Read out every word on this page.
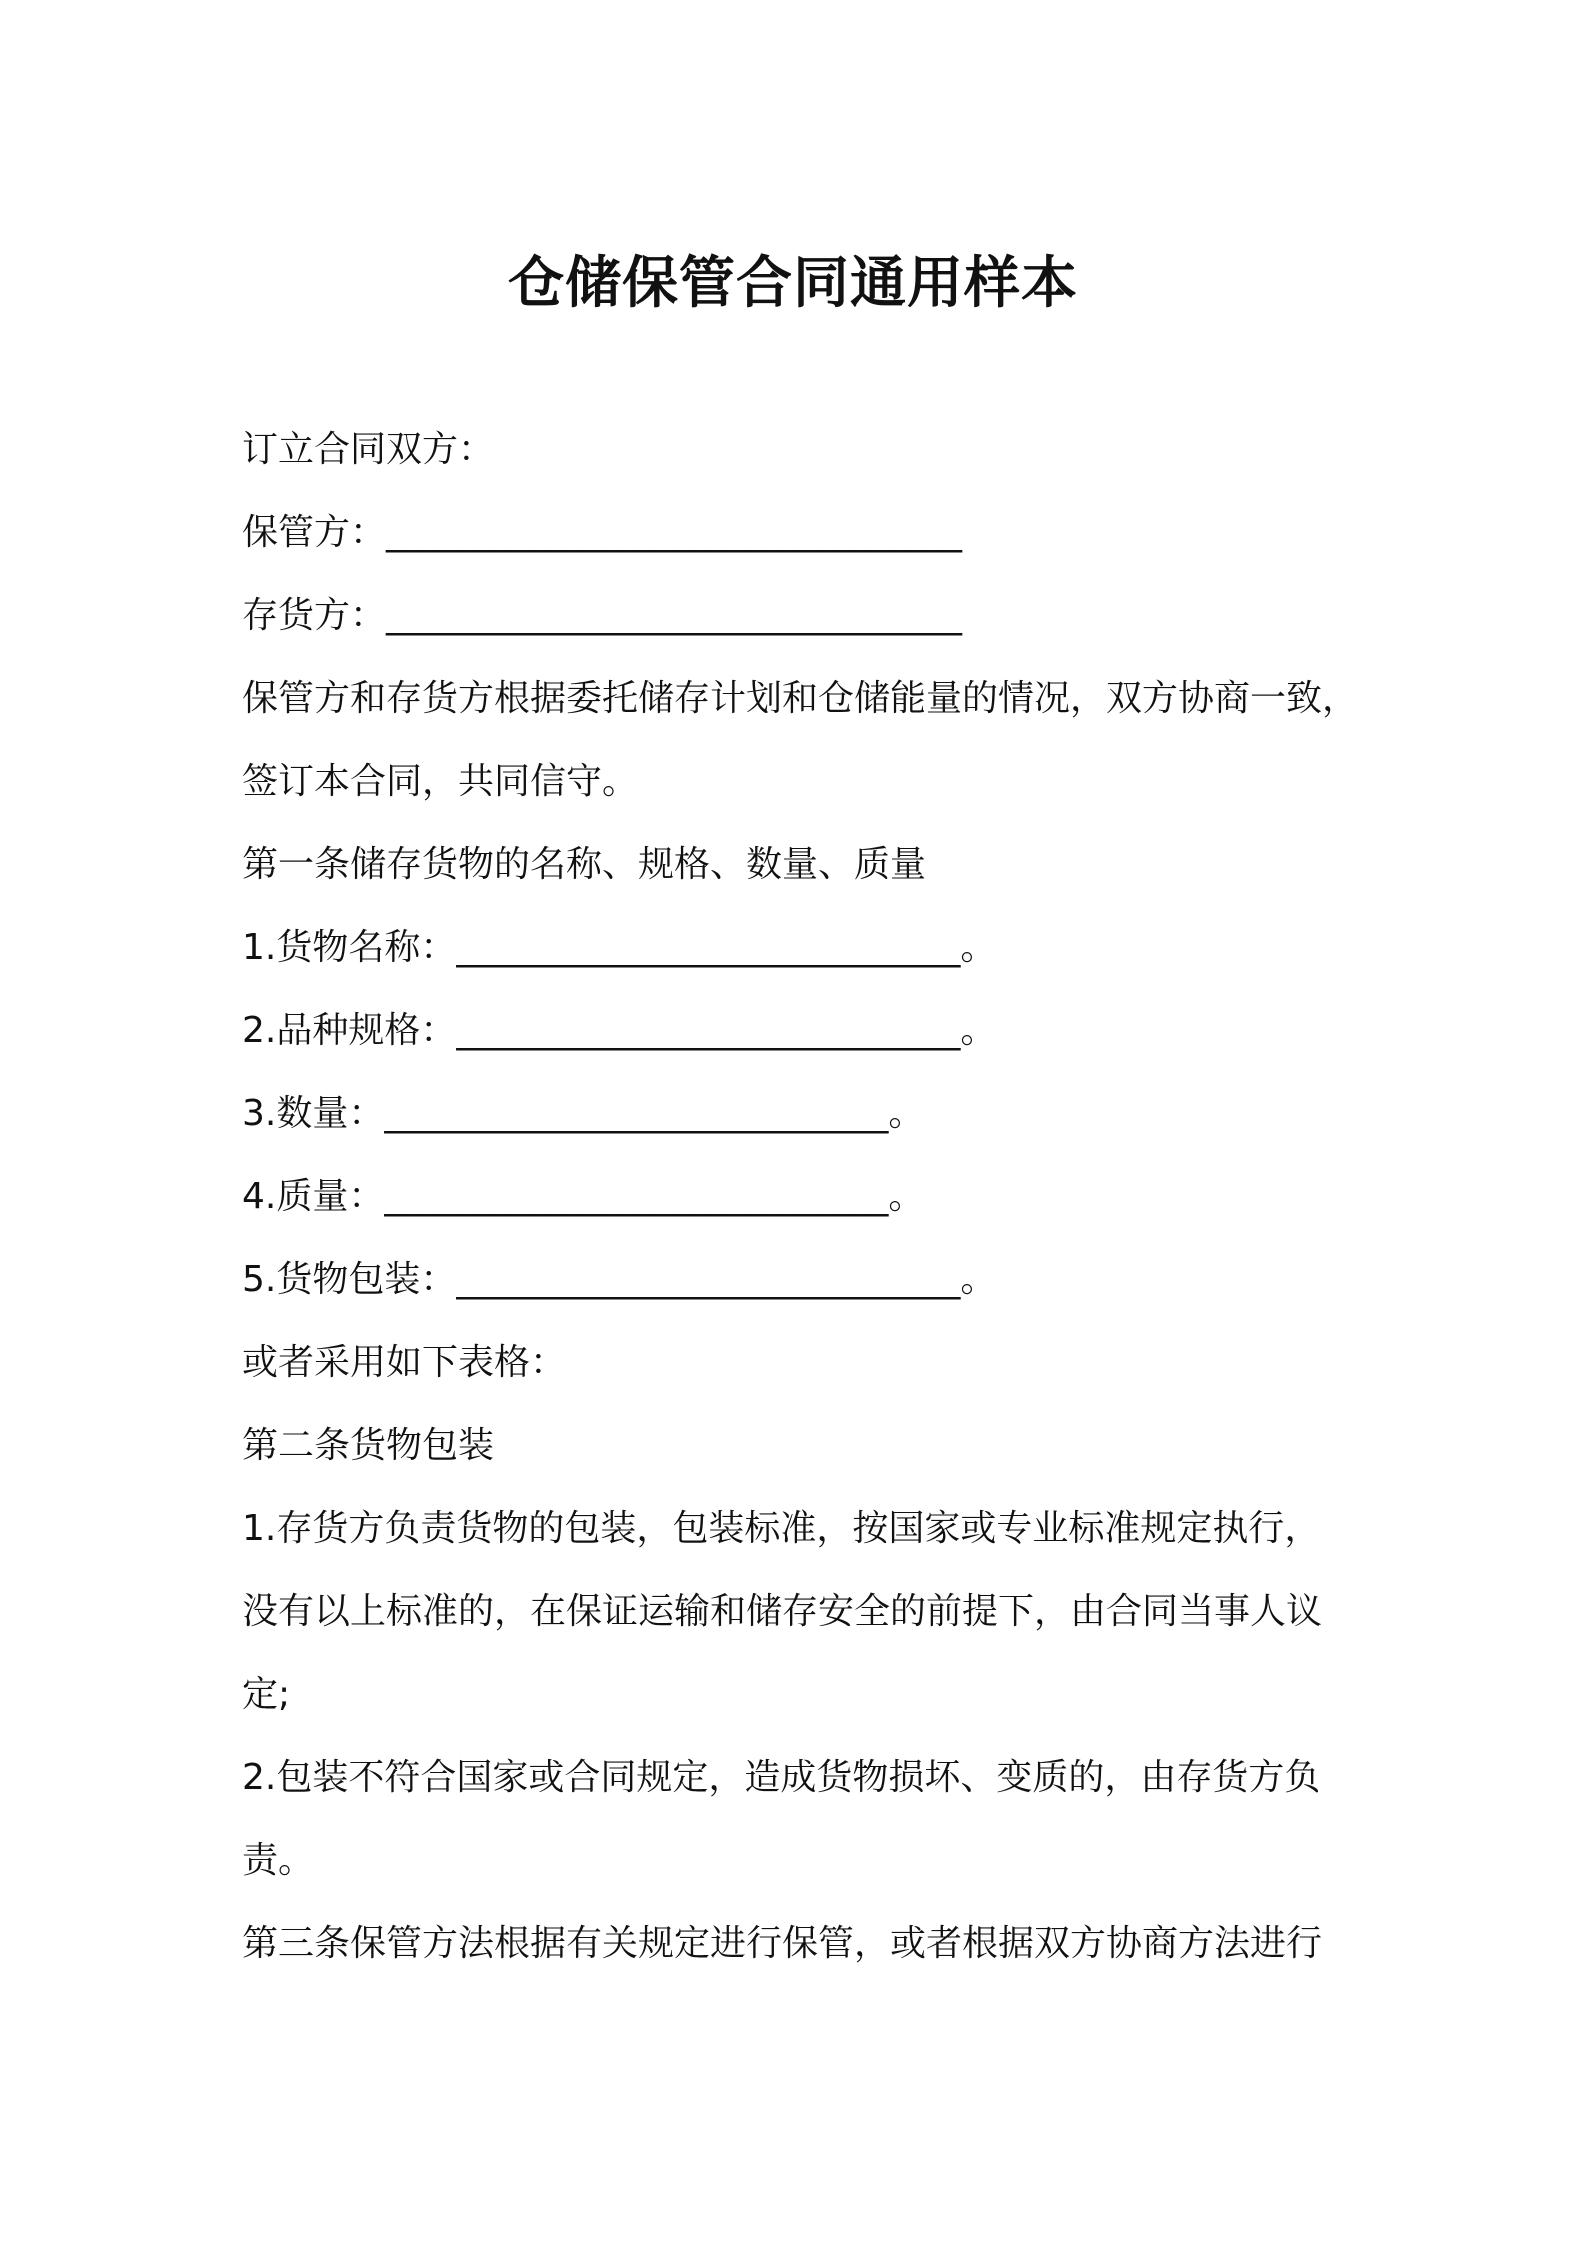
仓储保管合同通用样本

订立合同双方：

保管方：________________________________

存货方：________________________________

保管方和存货方根据委托储存计划和仓储能量的情况，双方协商一致，

签订本合同，共同信守。

第一条储存货物的名称、规格、数量、质量

1.货物名称：____________________________。

2.品种规格：____________________________。

3.数量：____________________________。

4.质量：____________________________。

5.货物包装：____________________________。

或者采用如下表格：

第二条货物包装

1.存货方负责货物的包装，包装标准，按国家或专业标准规定执行，

没有以上标准的，在保证运输和储存安全的前提下，由合同当事人议

定;

2.包装不符合国家或合同规定，造成货物损坏、变质的，由存货方负

责。

第三条保管方法根据有关规定进行保管，或者根据双方协商方法进行
